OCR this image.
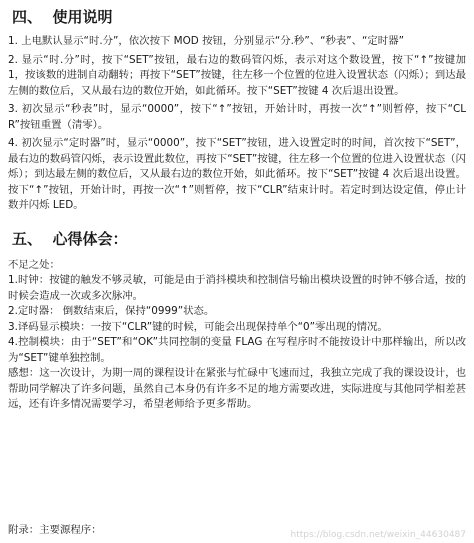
四、  使用说明

1. 上电默认显示“时.分”，依次按下 MOD 按钮，分别显示“分.秒”、“秒表”、“定时器”

2. 显示“时.分”时，按下“SET”按钮，最右边的数码管闪烁，表示对这个数设置，按下“↑”按键加 1，按该数的进制自动翻转；再按下“SET”按键，往左移一个位置的位进入设置状态（闪烁）；到达最左侧的数位后，又从最右边的数位开始，如此循环。按下“SET”按键 4 次后退出设置。

3. 初次显示“秒表”时，显示“0000”，按下“↑”按钮，开始计时，再按一次“↑”则暂停，按下“CLR”按钮重置（清零）。

4. 初次显示“定时器”时，显示“0000”，按下“SET”按钮，进入设置定时的时间，首次按下“SET”，最右边的数码管闪烁，表示设置此数位，再按下“SET”按键，往左移一个位置的位进入设置状态（闪烁）；到达最左侧的数位后，又从最右边的数位开始，如此循环。按下“SET”按键 4 次后退出设置。按下“↑”按钮，开始计时，再按一次“↑”则暂停，按下“CLR”结束计时。若定时到达设定值，停止计数并闪烁 LED。

五、  心得体会：

不足之处：

1.时钟：按键的触发不够灵敏，可能是由于消抖模块和控制信号输出模块设置的时钟不够合适，按的时候会造成一次或多次脉冲。

2.定时器： 倒数结束后，保持“0999”状态。

3.译码显示模块：一按下“CLR”键的时候，可能会出现保持单个“0”零出现的情况。

4.控制模块：由于“SET”和“OK”共同控制的变量 FLAG 在写程序时不能按设计中那样输出，所以改为“SET”键单独控制。

感想：这一次设计，为期一周的课程设计在紧张与忙碌中飞速而过，我独立完成了我的课设设计，也帮助同学解决了许多问题，虽然自己本身仍有许多不足的地方需要改进，实际进度与其他同学相差甚远，还有许多情况需要学习，希望老师给予更多帮助。

附录：主要源程序：	https://blog.csdn.net/weixin_44630487
